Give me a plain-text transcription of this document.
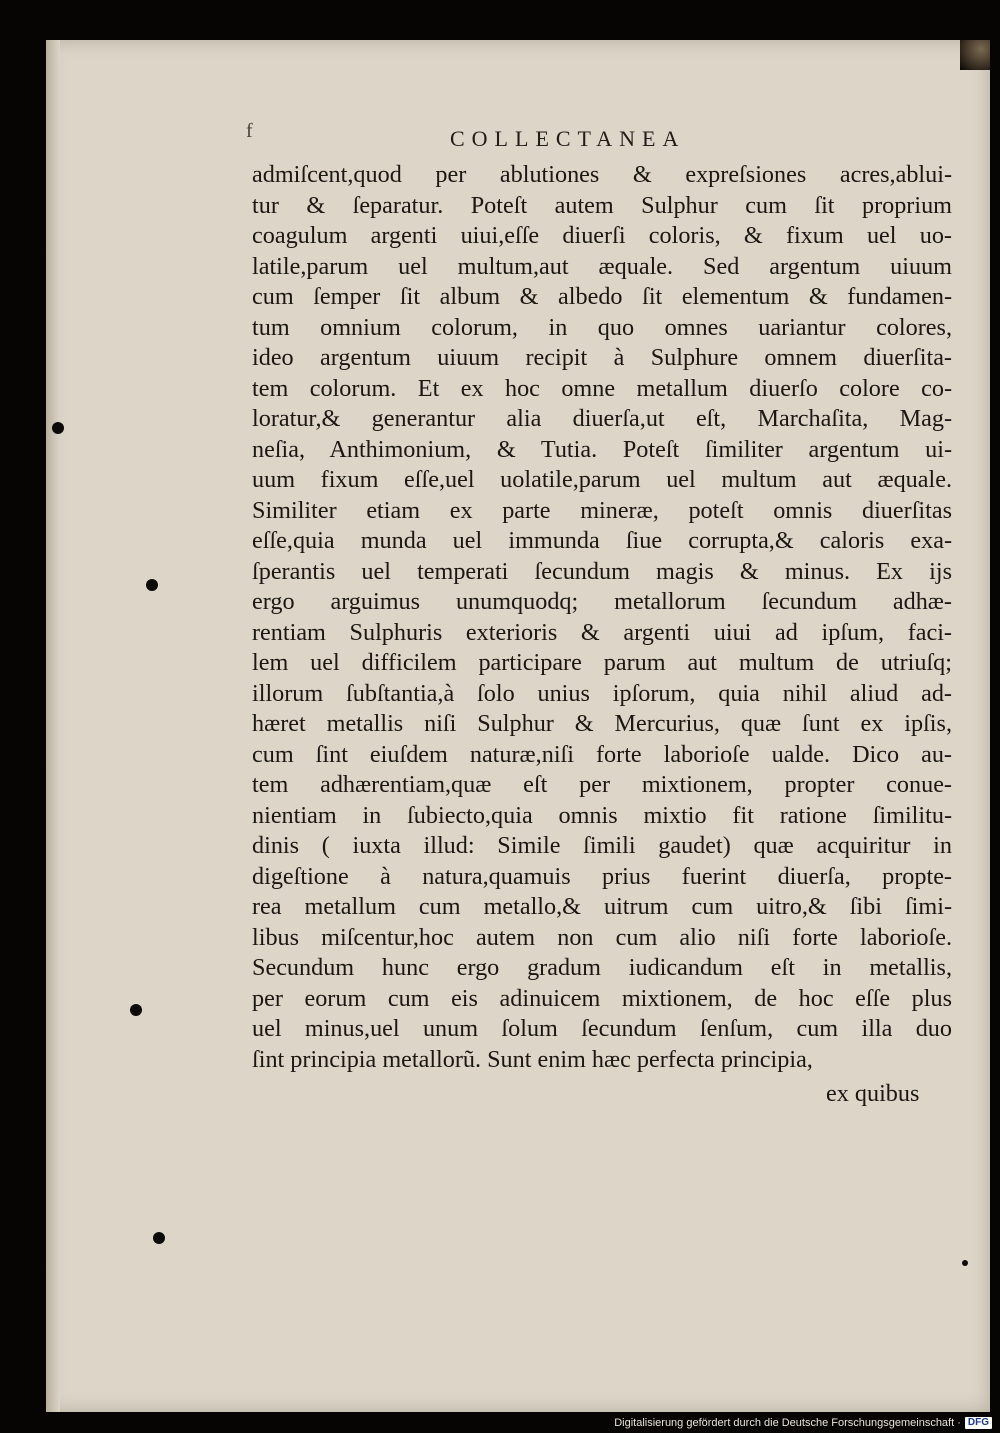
f	COLLECTANEA
admiſcent,quod per ablutiones & expreſsiones acres,ablui-
tur & ſeparatur. Poteſt autem Sulphur cum ſit proprium
coagulum argenti uiui,eſſe diuerſi coloris, & fixum uel uo-
latile,parum uel multum,aut æquale. Sed argentum uiuum
cum ſemper ſit album & albedo ſit elementum & fundamen-
tum omnium colorum, in quo omnes uariantur colores,
ideo argentum uiuum recipit à Sulphure omnem diuerſita-
tem colorum. Et ex hoc omne metallum diuerſo colore co-
loratur,& generantur alia diuerſa,ut eſt, Marchaſita, Mag-
neſia, Anthimonium, & Tutia. Poteſt ſimiliter argentum ui-
uum fixum eſſe,uel uolatile,parum uel multum aut æquale.
Similiter etiam ex parte mineræ, poteſt omnis diuerſitas
eſſe,quia munda uel immunda ſiue corrupta,& caloris exa-
ſperantis uel temperati ſecundum magis & minus. Ex ijs
ergo arguimus unumquodq; metallorum ſecundum adhæ-
rentiam Sulphuris exterioris & argenti uiui ad ipſum, faci-
lem uel difficilem participare parum aut multum de utriuſq;
illorum ſubſtantia,à ſolo unius ipſorum, quia nihil aliud ad-
hæret metallis niſi Sulphur & Mercurius, quæ ſunt ex ipſis,
cum ſint eiuſdem naturæ,niſi forte laborioſe ualde. Dico au-
tem adhærentiam,quæ eſt per mixtionem, propter conue-
nientiam in ſubiecto,quia omnis mixtio fit ratione ſimilitu-
dinis ( iuxta illud: Simile ſimili gaudet) quæ acquiritur in
digeſtione à natura,quamuis prius fuerint diuerſa, propte-
rea metallum cum metallo,& uitrum cum uitro,& ſibi ſimi-
libus miſcentur,hoc autem non cum alio niſi forte laborioſe.
Secundum hunc ergo gradum iudicandum eſt in metallis,
per eorum cum eis adinuicem mixtionem, de hoc eſſe plus
uel minus,uel unum ſolum ſecundum ſenſum, cum illa duo
ſint principia metallorũ. Sunt enim hæc perfecta principia,
ex quibus
Digitalisierung gefördert durch die Deutsche Forschungsgemeinschaft · DFG
